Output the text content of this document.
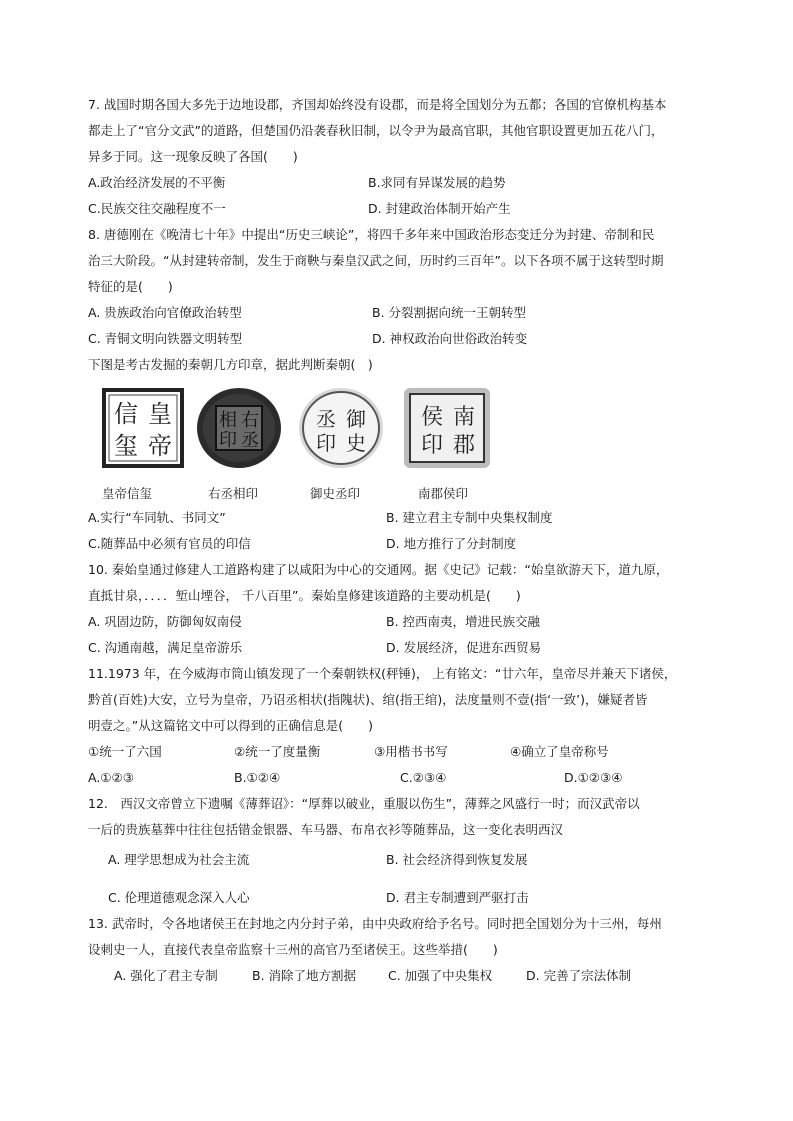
7. 战国时期各国大多先于边地设郡，齐国却始终没有设郡，而是将全国划分为五都；各国的官僚机构基本
都走上了“官分文武”的道路，但楚国仍沿袭春秋旧制，以令尹为最高官职，其他官职设置更加五花八门，
异多于同。这一现象反映了各国(　　)
A.政治经济发展的不平衡	B.求同有异谋发展的趋势
C.民族交往交融程度不一	D. 封建政治体制开始产生
8. 唐德刚在《晚清七十年》中提出“历史三峡论”，将四千多年来中国政治形态变迁分为封建、帝制和民
治三大阶段。“从封建转帝制，发生于商鞅与秦皇汉武之间，历时约三百年”。以下各项不属于这转型时期
特征的是(　　)
A. 贵族政治向官僚政治转型	B. 分裂割据向统一王朝转型
C. 青铜文明向铁器文明转型	D. 神权政治向世俗政治转变
下图是考古发掘的秦朝几方印章，据此判断秦朝(　)
皇
帝
信
玺
右
丞
相
印
御
史
丞
印
南
郡
侯
印
皇帝信玺	右丞相印	御史丞印	南郡侯印
A.实行“车同轨、书同文”	B. 建立君主专制中央集权制度
C.随葬品中必须有官员的印信	D. 地方推行了分封制度
10. 秦始皇通过修建人工道路构建了以咸阳为中心的交通网。据《史记》记载：“始皇欲游天下，道九原，
直抵甘泉，．．．．堑山堙谷， 千八百里”。秦始皇修建该道路的主要动机是(　　)
A. 巩固边防，防御匈奴南侵	B. 控西南夷，增进民族交融
C. 沟通南越，满足皇帝游乐	D. 发展经济，促进东西贸易
11.1973 年，在今威海市筒山镇发现了一个秦朝铁权(秤锤)， 上有铭文：“廿六年，皇帝尽并兼天下诸侯，
黔首(百姓)大安，立号为皇帝，乃诏丞相状(指隗状)、绾(指王绾)，法度量则不壹(指‘一致’)，嫌疑者皆
明壹之。”从这篇铭文中可以得到的正确信息是(　　)
①统一了六国	②统一了度量衡	③用楷书书写	④确立了皇帝称号
A.①②③	B.①②④	C.②③④	D.①②③④
12.　西汉文帝曾立下遗嘱《薄葬诏》：“厚葬以破业，重服以伤生”，薄葬之风盛行一时；而汉武帝以
一后的贵族墓葬中往往包括错金银器、车马器、布帛衣衫等随葬品，这一变化表明西汉
A. 理学思想成为社会主流	B. 社会经济得到恢复发展
C. 伦理道德观念深入人心	D. 君主专制遭到严驱打击
13. 武帝时，令各地诸侯王在封地之内分封子弟，由中央政府给予名号。同时把全国划分为十三州，每州
设刺史一人，直接代表皇帝监察十三州的高官乃至诸侯王。这些举措(　　)
A. 强化了君主专制	B. 消除了地方割据	C. 加强了中央集权	D. 完善了宗法体制
